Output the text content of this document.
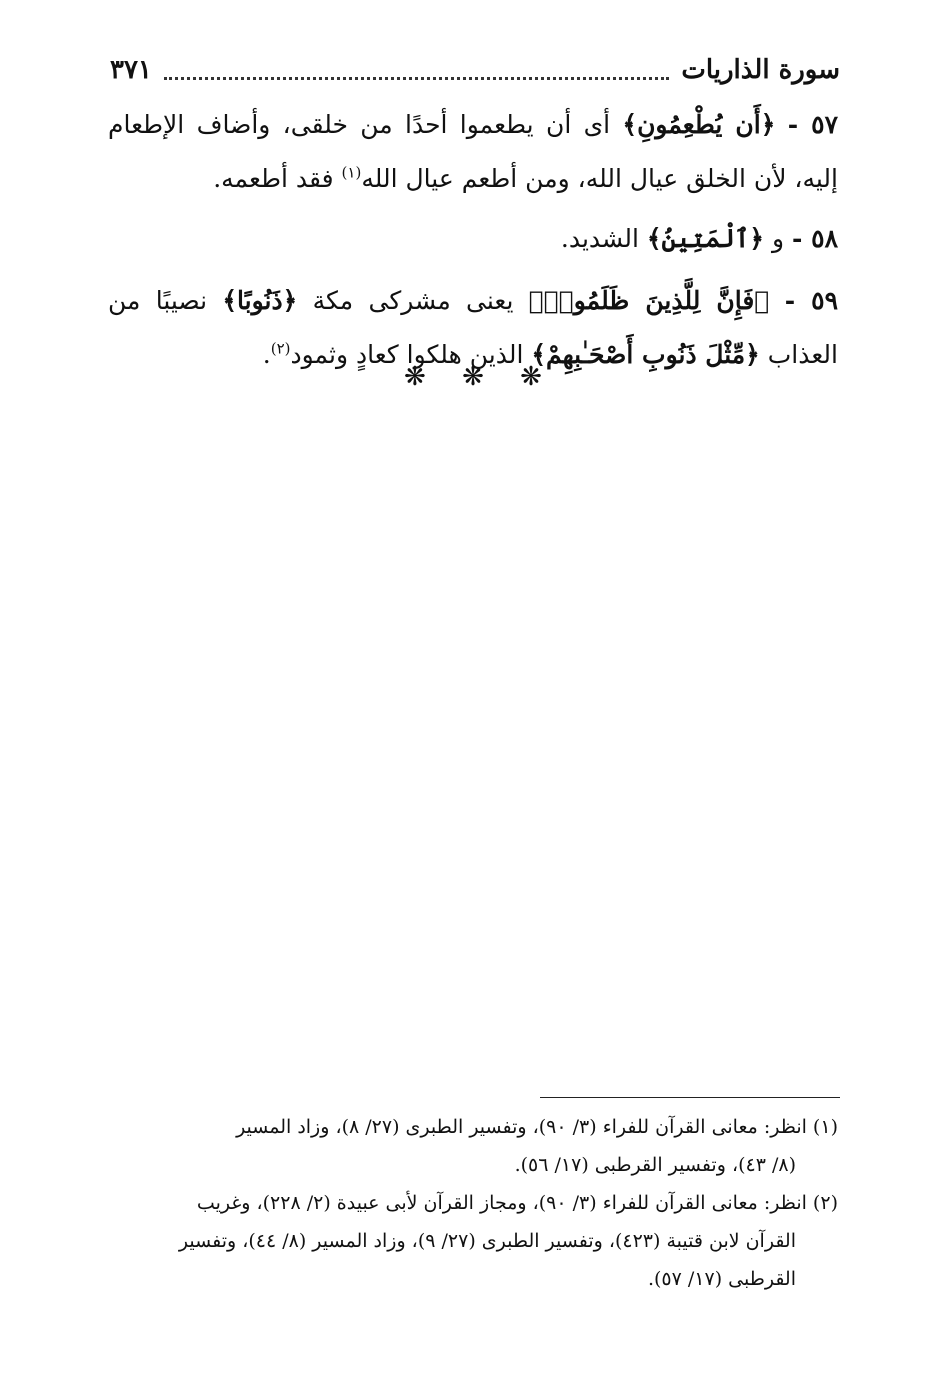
سورة الذاريات
٣٧١

٥٧ - ﴿أَن يُطْعِمُونِ﴾ أى أن يطعموا أحدًا من خلقى، وأضاف الإطعام إليه، لأن الخلق عيال الله، ومن أطعم عيال الله$^{(١)}$ فقد أطعمه.

٥٨ - و ﴿ٱلْمَتِينُ﴾ الشديد.

٥٩ - ﴿فَإِنَّ لِلَّذِينَ ظَلَمُوا۟﴾ يعنى مشركى مكة ﴿ذَنُوبًا﴾ نصيبًا من العذاب ﴿مِّثْلَ ذَنُوبِ أَصْحَـٰبِهِمْ﴾ الذين هلكوا كعادٍ وثمود$^{(٢)}$.

❋ ❋ ❋

(١) انظر: معانى القرآن للفراء (٣/ ٩٠)، وتفسير الطبرى (٢٧/ ٨)، وزاد المسير
(٨/ ٤٣)، وتفسير القرطبى (١٧/ ٥٦).

(٢) انظر: معانى القرآن للفراء (٣/ ٩٠)، ومجاز القرآن لأبى عبيدة (٢/ ٢٢٨)، وغريب
القرآن لابن قتيبة (٤٢٣)، وتفسير الطبرى (٢٧/ ٩)، وزاد المسير (٨/ ٤٤)، وتفسير
القرطبى (١٧/ ٥٧).
